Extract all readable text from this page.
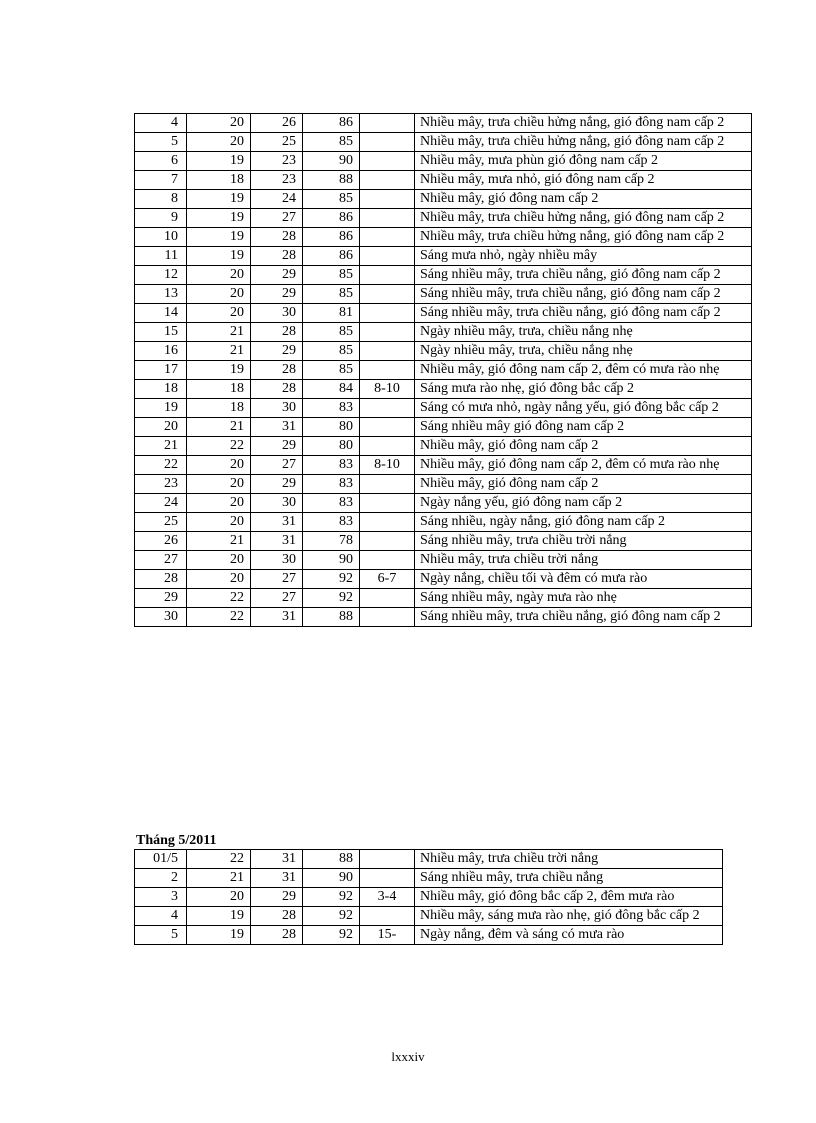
4	20	26	86		Nhiều mây, trưa chiều hửng nắng, gió đông nam cấp 2
5	20	25	85		Nhiều mây, trưa chiều hửng nắng, gió đông nam cấp 2
6	19	23	90		Nhiều mây, mưa phùn gió đông nam cấp 2
7	18	23	88		Nhiều mây, mưa nhỏ, gió đông nam cấp 2
8	19	24	85		Nhiều mây, gió đông nam cấp 2
9	19	27	86		Nhiều mây, trưa chiều hửng nắng, gió đông nam cấp 2
10	19	28	86		Nhiều mây, trưa chiều hửng nắng, gió đông nam cấp 2
11	19	28	86		Sáng mưa nhỏ, ngày nhiều mây
12	20	29	85		Sáng nhiều mây, trưa chiều nắng, gió đông nam cấp 2
13	20	29	85		Sáng nhiều mây, trưa chiều nắng, gió đông nam cấp 2
14	20	30	81		Sáng nhiều mây, trưa chiều nắng, gió đông nam cấp 2
15	21	28	85		Ngày nhiều mây, trưa, chiều nắng nhẹ
16	21	29	85		Ngày nhiều mây, trưa, chiều nắng nhẹ
17	19	28	85		Nhiều mây, gió đông nam cấp 2, đêm có mưa rào nhẹ
18	18	28	84	8-10	Sáng mưa rào nhẹ, gió đông bắc cấp 2
19	18	30	83		Sáng có mưa nhỏ, ngày nắng yếu, gió đông bắc cấp 2
20	21	31	80		Sáng nhiều mây gió đông nam cấp 2
21	22	29	80		Nhiều mây, gió đông nam cấp 2
22	20	27	83	8-10	Nhiều mây, gió đông nam cấp 2, đêm có mưa rào nhẹ
23	20	29	83		Nhiều mây, gió đông nam cấp 2
24	20	30	83		Ngày nắng yếu, gió đông nam cấp 2
25	20	31	83		Sáng nhiều, ngày nắng, gió đông nam cấp 2
26	21	31	78		Sáng nhiều mây, trưa chiều trời nắng
27	20	30	90		Nhiều mây, trưa chiều trời nắng
28	20	27	92	6-7	Ngày nắng, chiều tối và đêm có mưa rào
29	22	27	92		Sáng nhiều mây, ngày mưa rào nhẹ
30	22	31	88		Sáng nhiều mây, trưa chiều nắng, gió đông nam cấp 2
Tháng 5/2011
01/5	22	31	88		Nhiều mây, trưa chiều trời nắng
2	21	31	90		Sáng nhiều mây, trưa chiều nắng
3	20	29	92	3-4	Nhiều mây, gió đông bắc cấp 2, đêm mưa rào
4	19	28	92		Nhiều mây, sáng mưa rào nhẹ, gió đông bắc cấp 2
5	19	28	92	15-	Ngày nắng, đêm và sáng có mưa rào
lxxxiv
